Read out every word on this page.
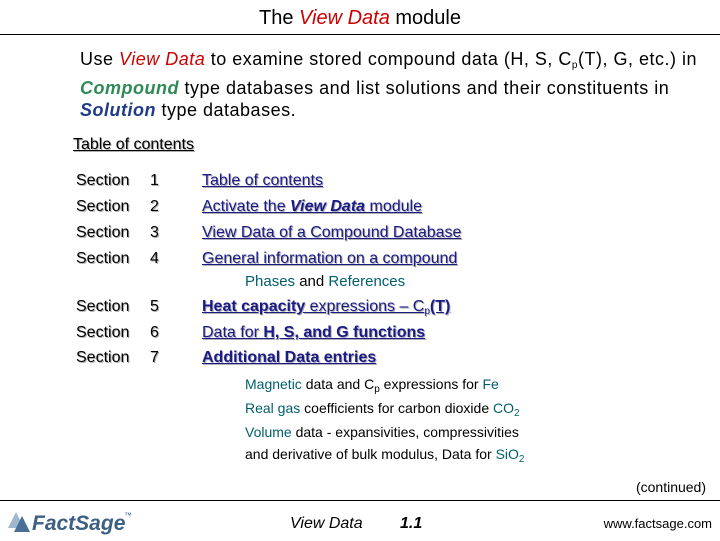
The View Data module
Use View Data to examine stored compound data (H, S, $C_p(T)$, G, etc.) in Compound type databases and list solutions and their constituents in Solution type databases.
Table of contents
Section
Section
Section
Section
Section
Section
Section
1
2
3
4
5
6
7
Table of contents
Activate the View Data module
View Data of a Compound Database
General information on a compound
Phases and References
Heat capacity expressions – $C_p(T)$
Data for H, S, and G functions
Additional Data entries
Magnetic data and $C_p$ expressions for Fe
Real gas coefficients for carbon dioxide $CO_2$
Volume data - expansivities, compressivities
and derivative of bulk modulus, Data for SiO$_2$
(continued)
FactSage
™	View Data 1.1	www.factsage.com
